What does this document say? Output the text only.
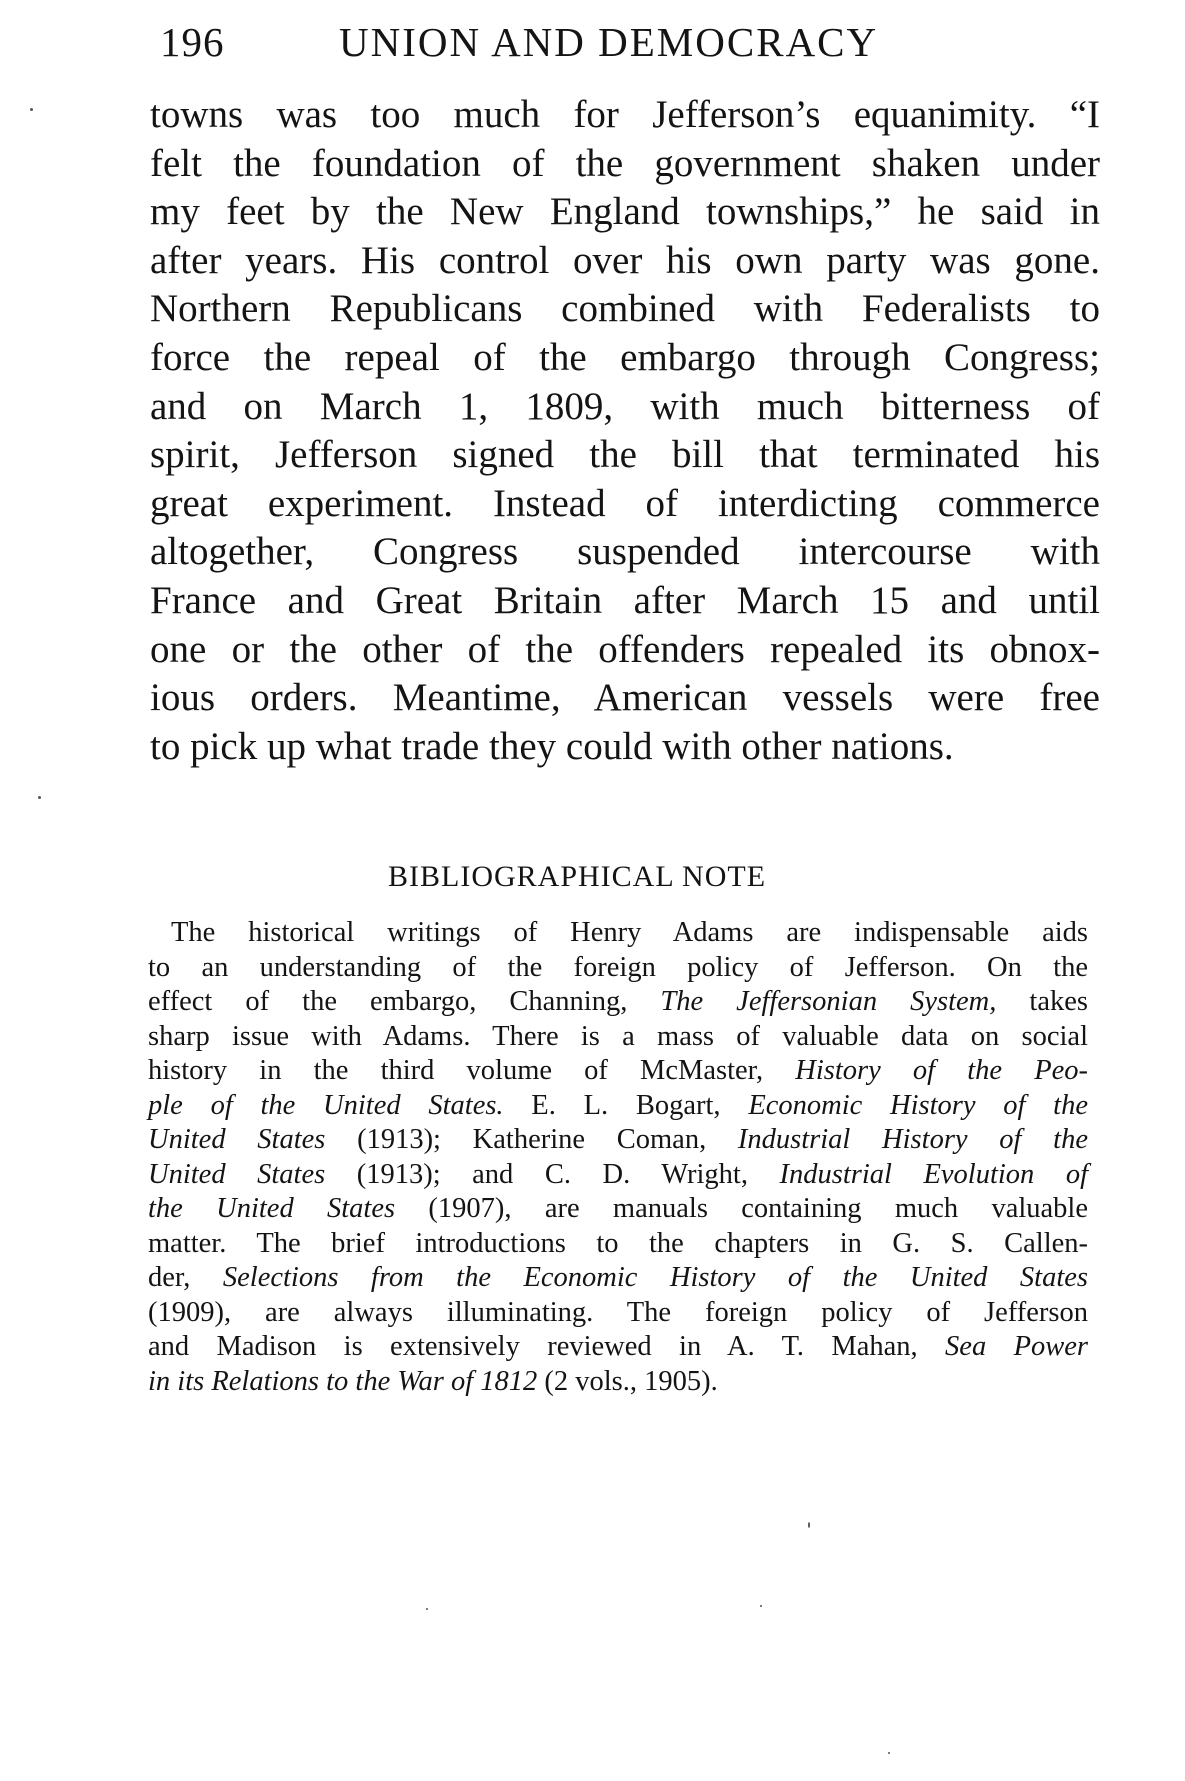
196	UNION AND DEMOCRACY
towns was too much for Jefferson’s equanimity. “I
felt the foundation of the government shaken under
my feet by the New England townships,” he said in
after years. His control over his own party was gone.
Northern Republicans combined with Federalists to
force the repeal of the embargo through Congress;
and on March 1, 1809, with much bitterness of
spirit, Jefferson signed the bill that terminated his
great experiment. Instead of interdicting commerce
altogether, Congress suspended intercourse with
France and Great Britain after March 15 and until
one or the other of the offenders repealed its obnox-
ious orders. Meantime, American vessels were free
to pick up what trade they could with other nations.
BIBLIOGRAPHICAL NOTE
The historical writings of Henry Adams are indispensable aids
to an understanding of the foreign policy of Jefferson. On the
effect of the embargo, Channing, The Jeffersonian System, takes
sharp issue with Adams. There is a mass of valuable data on social
history in the third volume of McMaster, History of the Peo-
ple of the United States. E. L. Bogart, Economic History of the
United States (1913); Katherine Coman, Industrial History of the
United States (1913); and C. D. Wright, Industrial Evolution of
the United States (1907), are manuals containing much valuable
matter. The brief introductions to the chapters in G. S. Callen-
der, Selections from the Economic History of the United States
(1909), are always illuminating. The foreign policy of Jefferson
and Madison is extensively reviewed in A. T. Mahan, Sea Power
in its Relations to the War of 1812 (2 vols., 1905).
